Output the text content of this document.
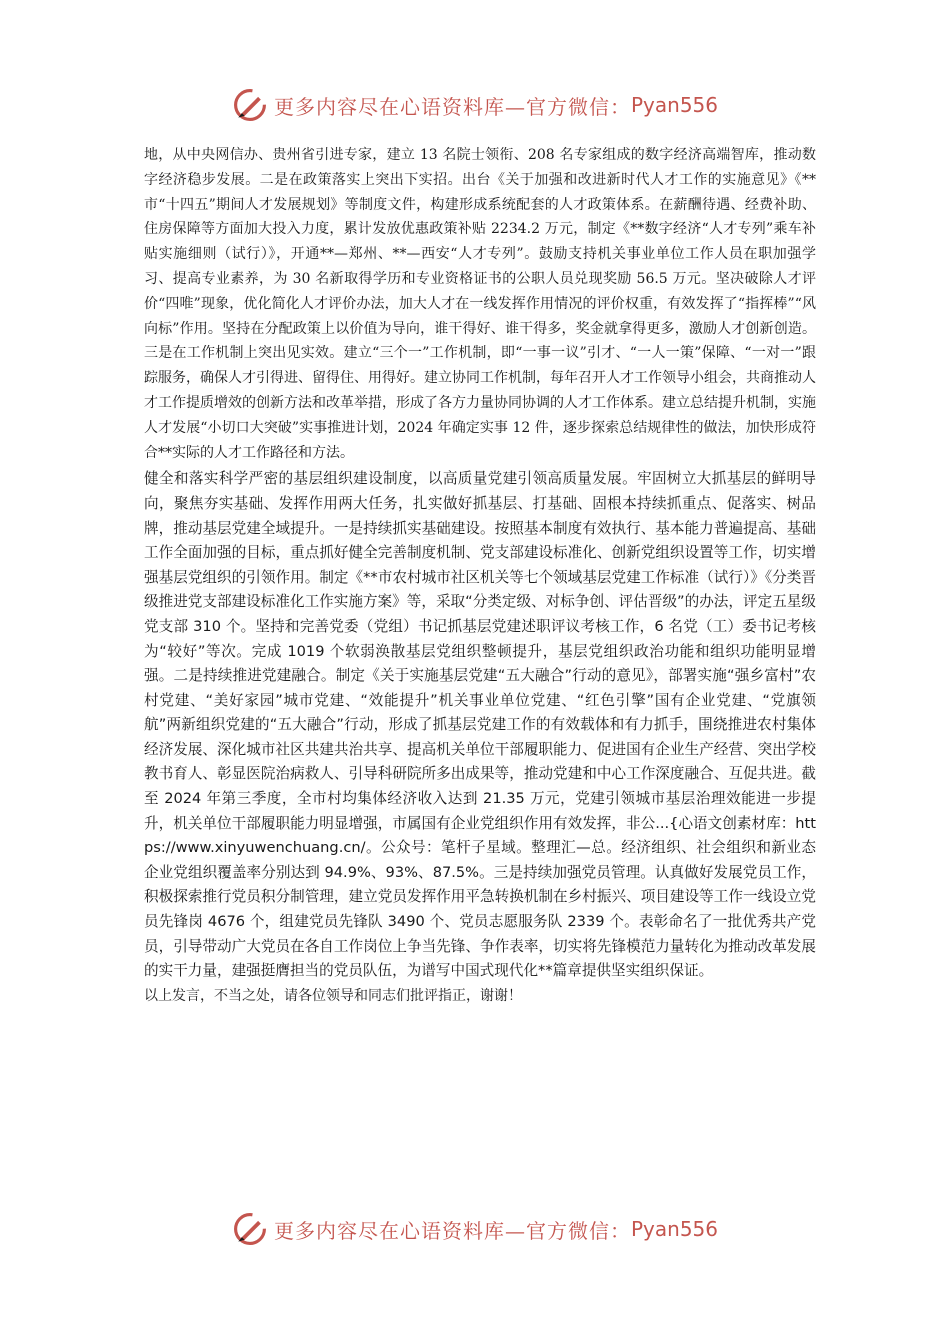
更多内容尽在心语资料库—官方微信： Pyan556

地，从中央网信办、贵州省引进专家，建立 13 名院士领衔、208 名专家组成的数字经济高端智库，推动数字经济稳步发展。二是在政策落实上突出下实招。出台《关于加强和改进新时代人才工作的实施意见》《**市“十四五”期间人才发展规划》等制度文件，构建形成系统配套的人才政策体系。在薪酬待遇、经费补助、住房保障等方面加大投入力度，累计发放优惠政策补贴 2234.2 万元，制定《**数字经济“人才专列”乘车补贴实施细则（试行）》，开通**—郑州、**—西安“人才专列”。鼓励支持机关事业单位工作人员在职加强学习、提高专业素养，为 30 名新取得学历和专业资格证书的公职人员兑现奖励 56.5 万元。坚决破除人才评价“四唯”现象，优化简化人才评价办法，加大人才在一线发挥作用情况的评价权重，有效发挥了“指挥棒”“风向标”作用。坚持在分配政策上以价值为导向，谁干得好、谁干得多，奖金就拿得更多，激励人才创新创造。三是在工作机制上突出见实效。建立“三个一”工作机制，即“一事一议”引才、“一人一策”保障、“一对一”跟踪服务，确保人才引得进、留得住、用得好。建立协同工作机制，每年召开人才工作领导小组会，共商推动人才工作提质增效的创新方法和改革举措，形成了各方力量协同协调的人才工作体系。建立总结提升机制，实施人才发展“小切口大突破”实事推进计划，2024 年确定实事 12 件，逐步探索总结规律性的做法，加快形成符合**实际的人才工作路径和方法。

健全和落实科学严密的基层组织建设制度，以高质量党建引领高质量发展。牢固树立大抓基层的鲜明导向，聚焦夯实基础、发挥作用两大任务，扎实做好抓基层、打基础、固根本持续抓重点、促落实、树品牌，推动基层党建全域提升。一是持续抓实基础建设。按照基本制度有效执行、基本能力普遍提高、基础工作全面加强的目标，重点抓好健全完善制度机制、党支部建设标准化、创新党组织设置等工作，切实增强基层党组织的引领作用。制定《**市农村城市社区机关等七个领域基层党建工作标准（试行）》《分类晋级推进党支部建设标准化工作实施方案》等，采取“分类定级、对标争创、评估晋级”的办法，评定五星级党支部 310 个。坚持和完善党委（党组）书记抓基层党建述职评议考核工作，6 名党（工）委书记考核为“较好”等次。完成 1019 个软弱涣散基层党组织整顿提升，基层党组织政治功能和组织功能明显增强。二是持续推进党建融合。制定《关于实施基层党建“五大融合”行动的意见》，部署实施“强乡富村”农村党建、“美好家园”城市党建、“效能提升”机关事业单位党建、“红色引擎”国有企业党建、“党旗领航”两新组织党建的“五大融合”行动，形成了抓基层党建工作的有效载体和有力抓手，围绕推进农村集体经济发展、深化城市社区共建共治共享、提高机关单位干部履职能力、促进国有企业生产经营、突出学校教书育人、彰显医院治病救人、引导科研院所多出成果等，推动党建和中心工作深度融合、互促共进。截至 2024 年第三季度，全市村均集体经济收入达到 21.35 万元，党建引领城市基层治理效能进一步提升，机关单位干部履职能力明显增强，市属国有企业党组织作用有效发挥，非公...{心语文创素材库：https://www.xinyuwenchuang.cn/。公众号：笔杆子星域。整理汇—总。经济组织、社会组织和新业态企业党组织覆盖率分别达到 94.9%、93%、87.5%。三是持续加强党员管理。认真做好发展党员工作，积极探索推行党员积分制管理，建立党员发挥作用平急转换机制在乡村振兴、项目建设等工作一线设立党员先锋岗 4676 个，组建党员先锋队 3490 个、党员志愿服务队 2339 个。表彰命名了一批优秀共产党员，引导带动广大党员在各自工作岗位上争当先锋、争作表率，切实将先锋模范力量转化为推动改革发展的实干力量，建强挺膺担当的党员队伍，为谱写中国式现代化**篇章提供坚实组织保证。

以上发言，不当之处，请各位领导和同志们批评指正，谢谢！

更多内容尽在心语资料库—官方微信： Pyan556
